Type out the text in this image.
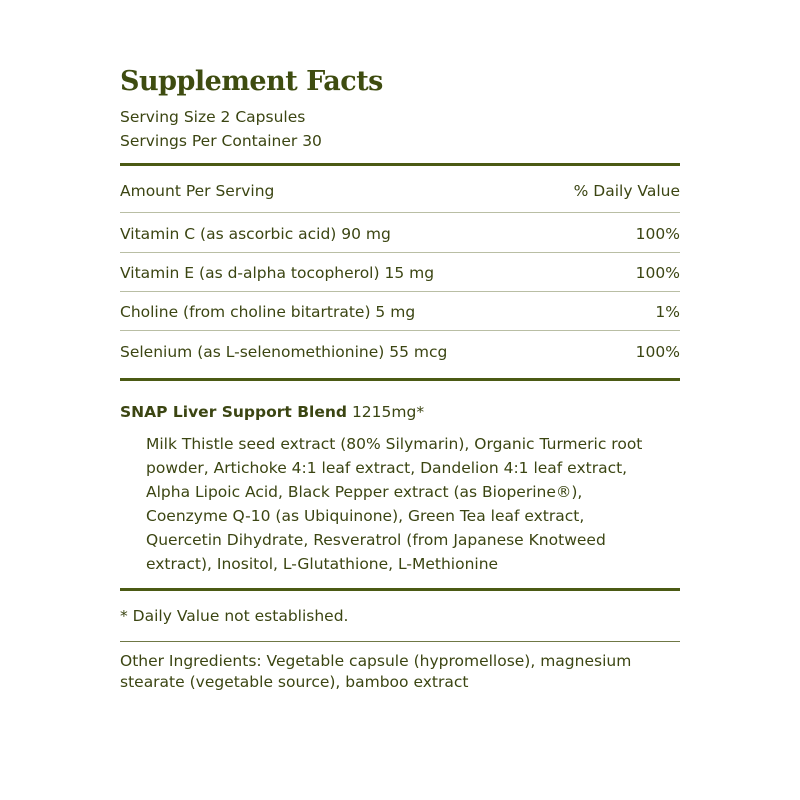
Supplement Facts
Serving Size 2 Capsules
Servings Per Container 30
Amount Per Serving	% Daily Value
Vitamin C (as ascorbic acid) 90 mg	100%
Vitamin E (as d-alpha tocopherol) 15 mg	100%
Choline (from choline bitartrate) 5 mg	1%
Selenium (as L-selenomethionine) 55 mcg	100%
SNAP Liver Support Blend 1215mg*
Milk Thistle seed extract (80% Silymarin), Organic Turmeric root
powder, Artichoke 4:1 leaf extract, Dandelion 4:1 leaf extract,
Alpha Lipoic Acid, Black Pepper extract (as Bioperine®),
Coenzyme Q-10 (as Ubiquinone), Green Tea leaf extract,
Quercetin Dihydrate, Resveratrol (from Japanese Knotweed
extract), Inositol, L-Glutathione, L-Methionine
* Daily Value not established.
Other Ingredients: Vegetable capsule (hypromellose), magnesium
stearate (vegetable source), bamboo extract
